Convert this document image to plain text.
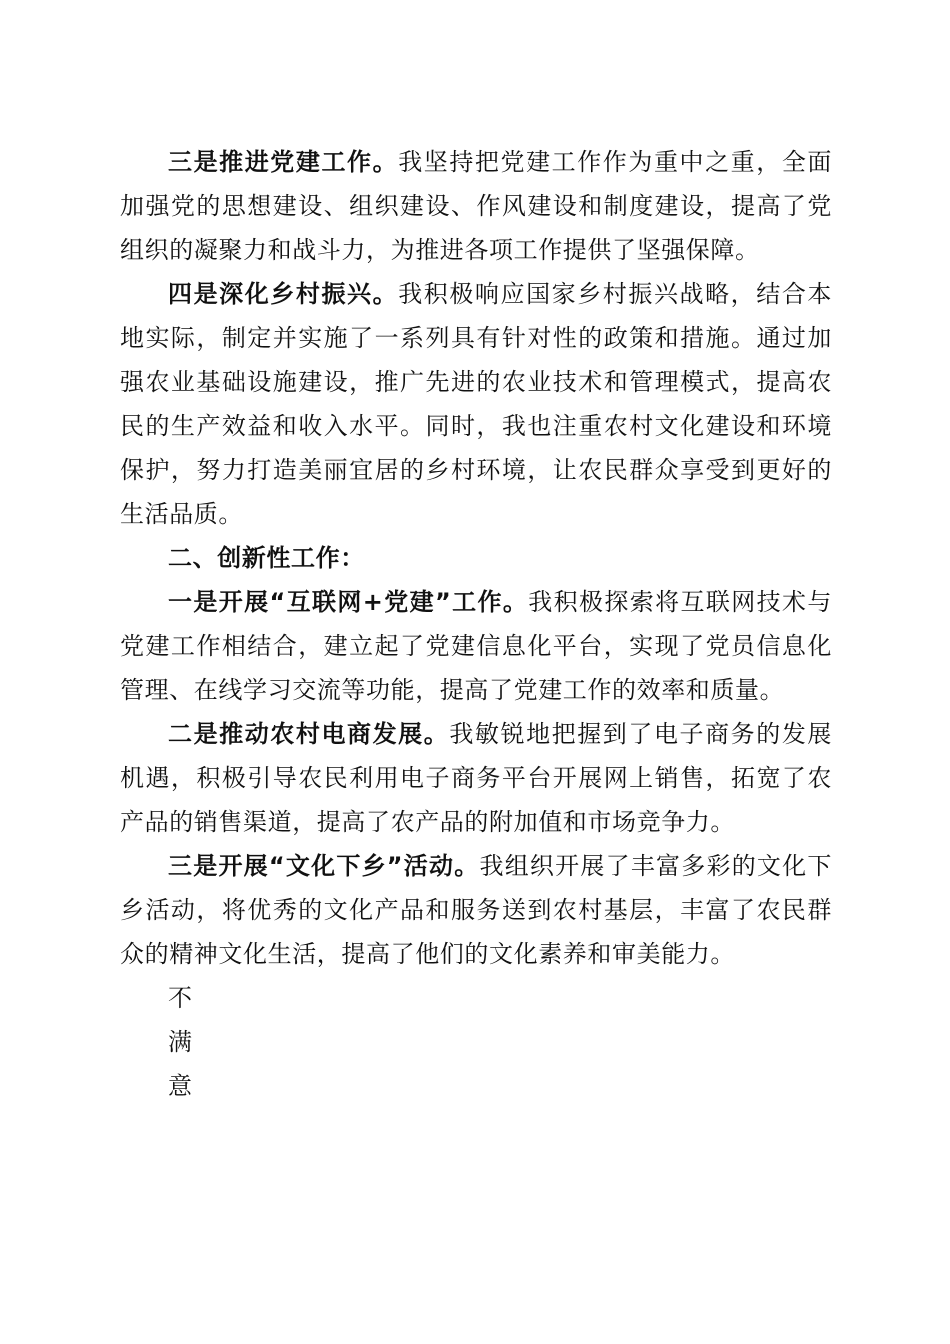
三是推进党建工作。我坚持把党建工作作为重中之重，全面加强党的思想建设、组织建设、作风建设和制度建设，提高了党组织的凝聚力和战斗力，为推进各项工作提供了坚强保障。

四是深化乡村振兴。我积极响应国家乡村振兴战略，结合本地实际，制定并实施了一系列具有针对性的政策和措施。通过加强农业基础设施建设，推广先进的农业技术和管理模式，提高农民的生产效益和收入水平。同时，我也注重农村文化建设和环境保护，努力打造美丽宜居的乡村环境，让农民群众享受到更好的生活品质。

二、创新性工作：

一是开展“互联网+党建”工作。我积极探索将互联网技术与党建工作相结合，建立起了党建信息化平台，实现了党员信息化管理、在线学习交流等功能，提高了党建工作的效率和质量。

二是推动农村电商发展。我敏锐地把握到了电子商务的发展机遇，积极引导农民利用电子商务平台开展网上销售，拓宽了农产品的销售渠道，提高了农产品的附加值和市场竞争力。

三是开展“文化下乡”活动。我组织开展了丰富多彩的文化下乡活动，将优秀的文化产品和服务送到农村基层，丰富了农民群众的精神文化生活，提高了他们的文化素养和审美能力。

不
满
意
